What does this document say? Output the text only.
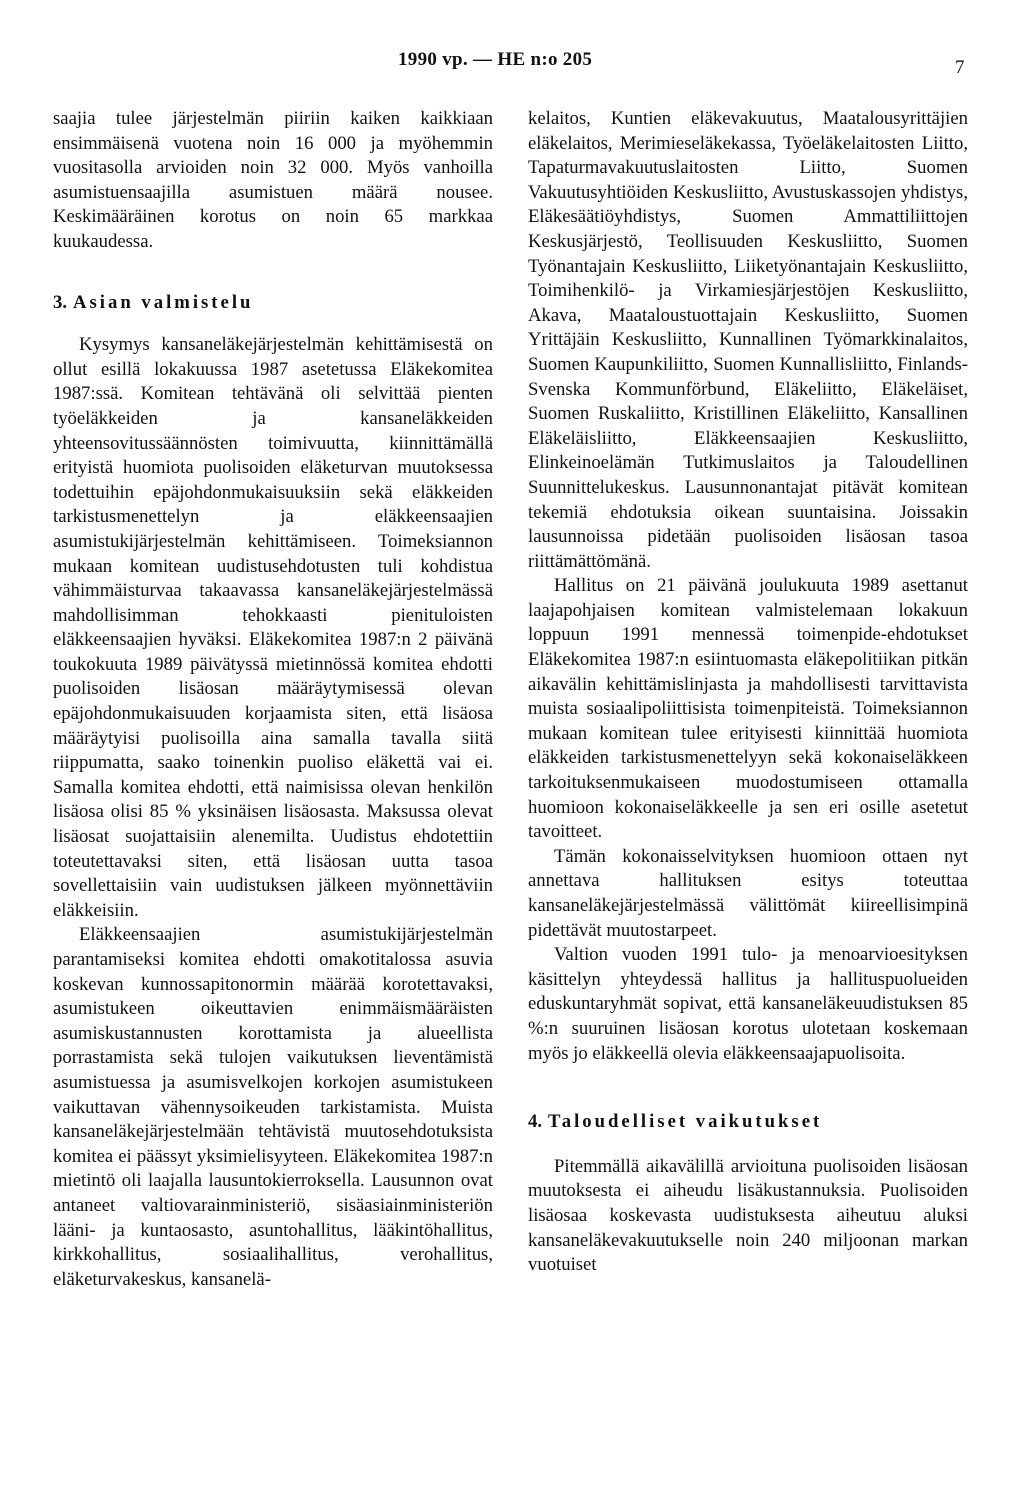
1990 vp. — HE n:o 205	7

saajia tulee järjestelmän piiriin kaiken kaikkiaan ensimmäisenä vuotena noin 16 000 ja myöhemmin vuositasolla arvioiden noin 32 000. Myös vanhoilla asumistuensaajilla asumistuen määrä nousee. Keskimääräinen korotus on noin 65 markkaa kuukaudessa.

3. Asian valmistelu

Kysymys kansaneläkejärjestelmän kehittämisestä on ollut esillä lokakuussa 1987 asetetussa Eläkekomitea 1987:ssä. Komitean tehtävänä oli selvittää pienten työeläkkeiden ja kansaneläkkeiden yhteensovitussäännösten toimivuutta, kiinnittämällä erityistä huomiota puolisoiden eläketurvan muutoksessa todettuihin epäjohdonmukaisuuksiin sekä eläkkeiden tarkistusmenettelyn ja eläkkeensaajien asumistukijärjestelmän kehittämiseen. Toimeksiannon mukaan komitean uudistusehdotusten tuli kohdistua vähimmäisturvaa takaavassa kansaneläkejärjestelmässä mahdollisimman tehokkaasti pienituloisten eläkkeensaajien hyväksi. Eläkekomitea 1987:n 2 päivänä toukokuuta 1989 päivätyssä mietinnössä komitea ehdotti puolisoiden lisäosan määräytymisessä olevan epäjohdonmukaisuuden korjaamista siten, että lisäosa määräytyisi puolisoilla aina samalla tavalla siitä riippumatta, saako toinenkin puoliso eläkettä vai ei. Samalla komitea ehdotti, että naimisissa olevan henkilön lisäosa olisi 85 % yksinäisen lisäosasta. Maksussa olevat lisäosat suojattaisiin alenemilta. Uudistus ehdotettiin toteutettavaksi siten, että lisäosan uutta tasoa sovellettaisiin vain uudistuksen jälkeen myönnettäviin eläkkeisiin.

Eläkkeensaajien asumistukijärjestelmän parantamiseksi komitea ehdotti omakotitalossa asuvia koskevan kunnossapitonormin määrää korotettavaksi, asumistukeen oikeuttavien enimmäismääräisten asumiskustannusten korottamista ja alueellista porrastamista sekä tulojen vaikutuksen lieventämistä asumistuessa ja asumisvelkojen korkojen asumistukeen vaikuttavan vähennysoikeuden tarkistamista. Muista kansaneläkejärjestelmään tehtävistä muutosehdotuksista komitea ei päässyt yksimielisyyteen. Eläkekomitea 1987:n mietintö oli laajalla lausuntokierroksella. Lausunnon ovat antaneet valtiovarainministeriö, sisäasiainministeriön lääni- ja kuntaosasto, asuntohallitus, lääkintöhallitus, kirkkohallitus, sosiaalihallitus, verohallitus, eläketurvakeskus, kansanelä-

kelaitos, Kuntien eläkevakuutus, Maatalousyrittäjien eläkelaitos, Merimieseläkekassa, Työeläkelaitosten Liitto, Tapaturmavakuutuslaitosten Liitto, Suomen Vakuutusyhtiöiden Keskusliitto, Avustuskassojen yhdistys, Eläkesäätiöyhdistys, Suomen Ammattiliittojen Keskusjärjestö, Teollisuuden Keskusliitto, Suomen Työnantajain Keskusliitto, Liiketyönantajain Keskusliitto, Toimihenkilö- ja Virkamiesjärjestöjen Keskusliitto, Akava, Maataloustuottajain Keskusliitto, Suomen Yrittäjäin Keskusliitto, Kunnallinen Työmarkkinalaitos, Suomen Kaupunkiliitto, Suomen Kunnallisliitto, Finlands-Svenska Kommunförbund, Eläkeliitto, Eläkeläiset, Suomen Ruskaliitto, Kristillinen Eläkeliitto, Kansallinen Eläkeläisliitto, Eläkkeensaajien Keskusliitto, Elinkeinoelämän Tutkimuslaitos ja Taloudellinen Suunnittelukeskus. Lausunnonantajat pitävät komitean tekemiä ehdotuksia oikean suuntaisina. Joissakin lausunnoissa pidetään puolisoiden lisäosan tasoa riittämättömänä.

Hallitus on 21 päivänä joulukuuta 1989 asettanut laajapohjaisen komitean valmistelemaan lokakuun loppuun 1991 mennessä toimenpide-ehdotukset Eläkekomitea 1987:n esiintuomasta eläkepolitiikan pitkän aikavälin kehittämislinjasta ja mahdollisesti tarvittavista muista sosiaalipoliittisista toimenpiteistä. Toimeksiannon mukaan komitean tulee erityisesti kiinnittää huomiota eläkkeiden tarkistusmenettelyyn sekä kokonaiseläkkeen tarkoituksenmukaiseen muodostumiseen ottamalla huomioon kokonaiseläkkeelle ja sen eri osille asetetut tavoitteet.

Tämän kokonaisselvityksen huomioon ottaen nyt annettava hallituksen esitys toteuttaa kansaneläkejärjestelmässä välittömät kiireellisimpinä pidettävät muutostarpeet.

Valtion vuoden 1991 tulo- ja menoarvioesityksen käsittelyn yhteydessä hallitus ja hallituspuolueiden eduskuntaryhmät sopivat, että kansaneläkeuudistuksen 85 %:n suuruinen lisäosan korotus ulotetaan koskemaan myös jo eläkkeellä olevia eläkkeensaajapuolisoita.

4. Taloudelliset vaikutukset

Pitemmällä aikavälillä arvioituna puolisoiden lisäosan muutoksesta ei aiheudu lisäkustannuksia. Puolisoiden lisäosaa koskevasta uudistuksesta aiheutuu aluksi kansaneläkevakuutukselle noin 240 miljoonan markan vuotuiset
